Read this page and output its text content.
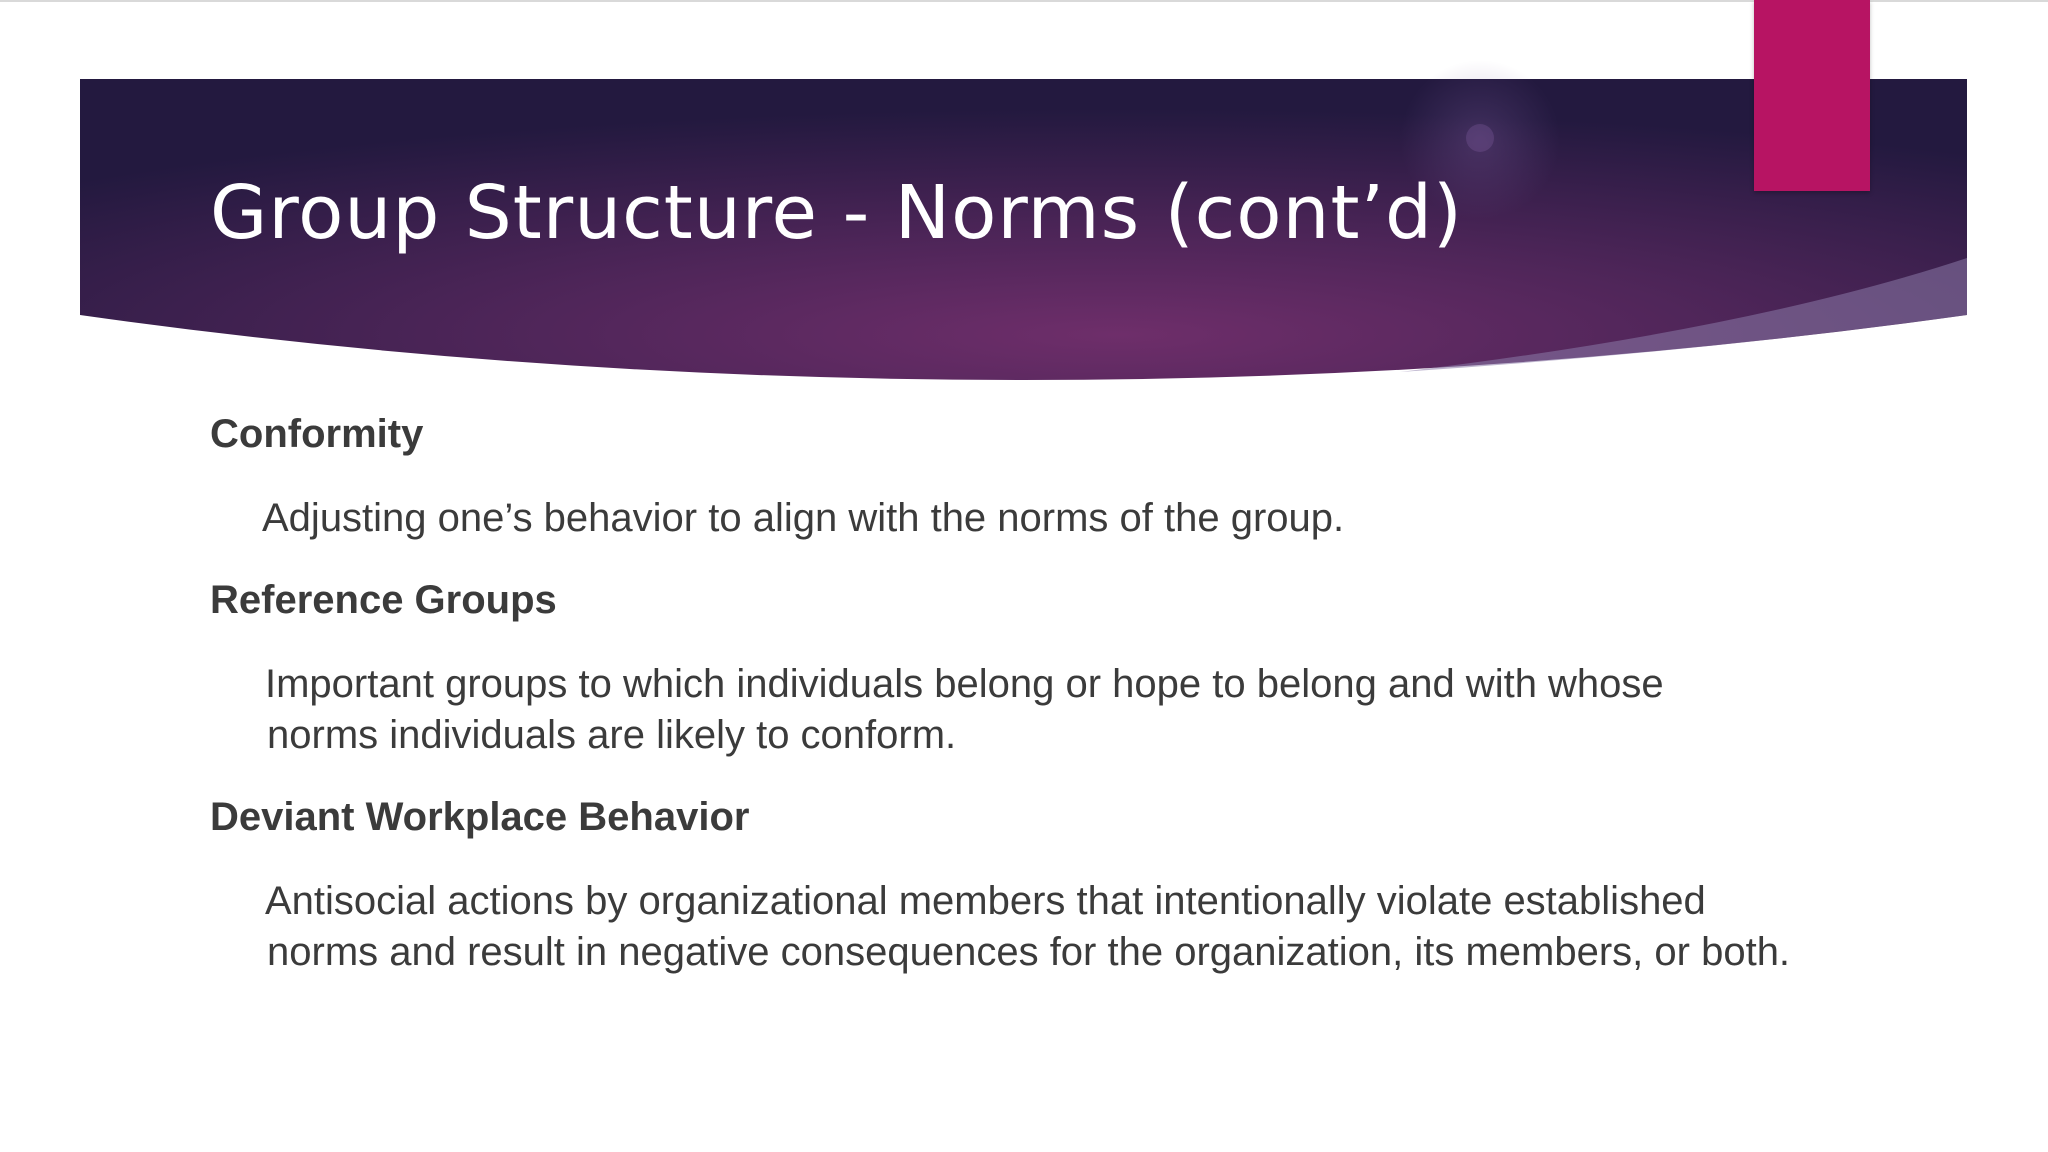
Group Structure - Norms (cont’d)
Conformity

Adjusting one’s behavior to align with the norms of the group.

Reference Groups

Important groups to which individuals belong or hope to belong and with whose

norms individuals are likely to conform.

Deviant Workplace Behavior

Antisocial actions by organizational members that intentionally violate established

norms and result in negative consequences for the organization, its members, or both.
